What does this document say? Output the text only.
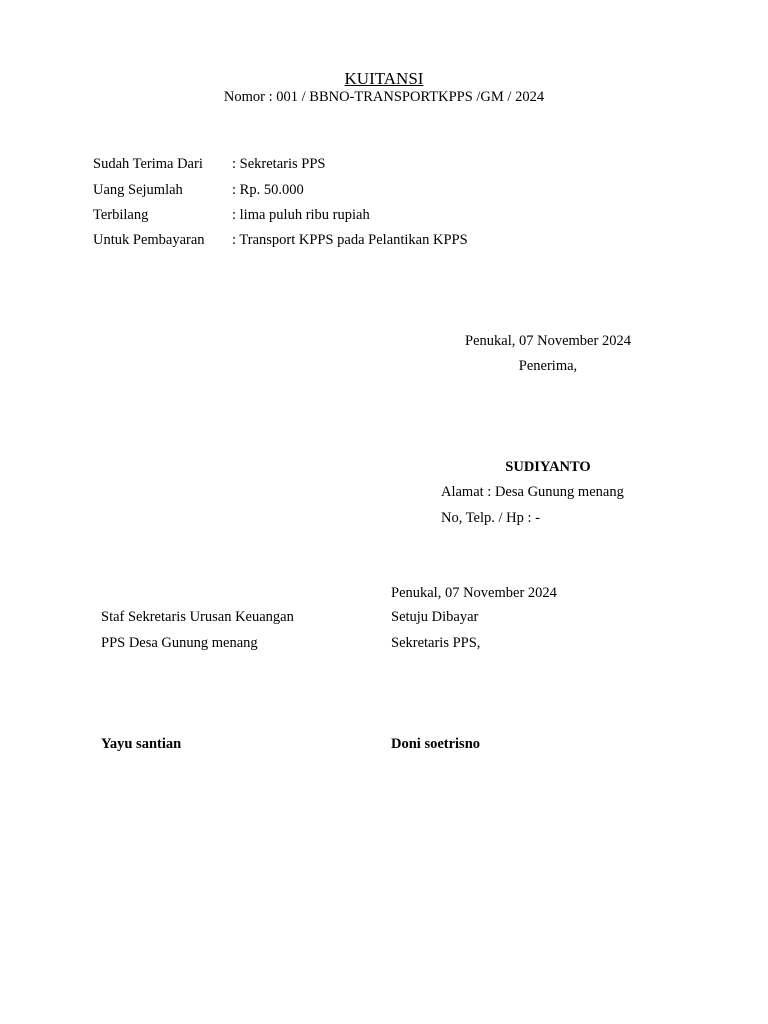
KUITANSI
Nomor : 001 / BBNO-TRANSPORTKPPS /GM / 2024
Sudah Terima Dari : Sekretaris PPS
Uang Sejumlah	: Rp. 50.000
Terbilang	: lima puluh ribu rupiah
Untuk Pembayaran : Transport KPPS pada Pelantikan KPPS
Penukal, 07 November 2024
Penerima,
SUDIYANTO
Alamat : Desa Gunung menang
No, Telp. / Hp : -
Penukal, 07 November 2024
Setuju Dibayar
Sekretaris PPS,
Doni soetrisno
Staf Sekretaris Urusan Keuangan
PPS Desa Gunung menang
Yayu santian
